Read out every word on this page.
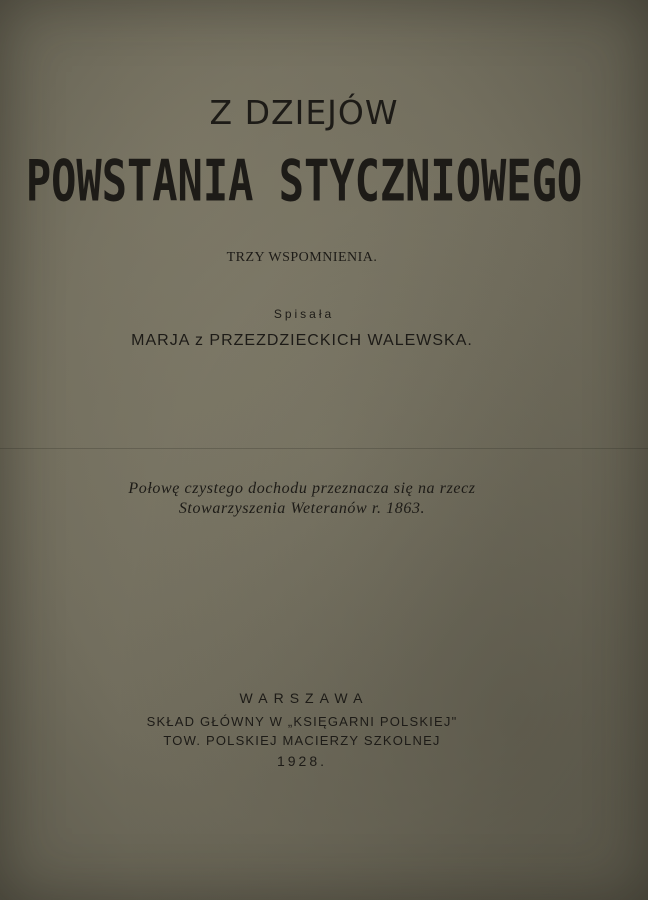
Z DZIEJÓW
POWSTANIA STYCZNIOWEGO
TRZY WSPOMNIENIA.
Spisała
MARJA z PRZEZDZIECKICH WALEWSKA.
Połowę czystego dochodu przeznacza się na rzecz
Stowarzyszenia Weteranów r. 1863.
WARSZAWA
SKŁAD GŁÓWNY W „KSIĘGARNI POLSKIEJ"
TOW. POLSKIEJ MACIERZY SZKOLNEJ
1928.
